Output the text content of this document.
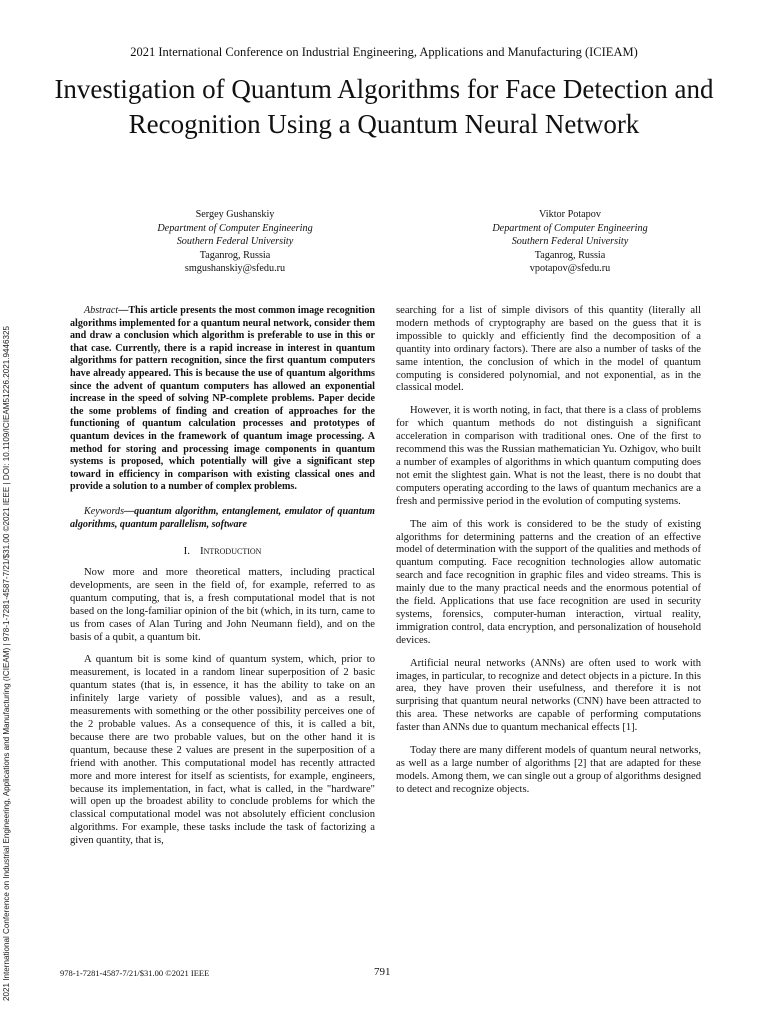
2021 International Conference on Industrial Engineering, Applications and Manufacturing (ICIEAM)
Investigation of Quantum Algorithms for Face Detection and Recognition Using a Quantum Neural Network
Sergey Gushanskiy
Department of Computer Engineering
Southern Federal University
Taganrog, Russia
smgushanskiy@sfedu.ru
Viktor Potapov
Department of Computer Engineering
Southern Federal University
Taganrog, Russia
vpotapov@sfedu.ru
Abstract—This article presents the most common image recognition algorithms implemented for a quantum neural network, consider them and draw a conclusion which algorithm is preferable to use in this or that case. Currently, there is a rapid increase in interest in quantum algorithms for pattern recognition, since the first quantum computers have already appeared. This is because the use of quantum algorithms since the advent of quantum computers has allowed an exponential increase in the speed of solving NP-complete problems. Paper decide the some problems of finding and creation of approaches for the functioning of quantum calculation processes and prototypes of quantum devices in the framework of quantum image processing. A method for storing and processing image components in quantum systems is proposed, which potentially will give a significant step toward in efficiency in comparison with existing classical ones and provide a solution to a number of complex problems.
Keywords—quantum algorithm, entanglement, emulator of quantum algorithms, quantum parallelism, software
I. Introduction

Now more and more theoretical matters, including practical developments, are seen in the field of, for example, referred to as quantum computing, that is, a fresh computational model that is not based on the long-familiar opinion of the bit (which, in its turn, came to us from cases of Alan Turing and John Neumann field), and on the basis of a qubit, a quantum bit.

A quantum bit is some kind of quantum system, which, prior to measurement, is located in a random linear superposition of 2 basic quantum states (that is, in essence, it has the ability to take on an infinitely large variety of possible values), and as a result, measurements with something or the other possibility perceives one of the 2 probable values. As a consequence of this, it is called a bit, because there are two probable values, but on the other hand it is quantum, because these 2 values are present in the superposition of a friend with another. This computational model has recently attracted more and more interest for itself as scientists, for example, engineers, because its implementation, in fact, what is called, in the "hardware" will open up the broadest ability to conclude problems for which the classical computational model was not absolutely efficient conclusion algorithms. For example, these tasks include the task of factorizing a given quantity, that is,

searching for a list of simple divisors of this quantity (literally all modern methods of cryptography are based on the guess that it is impossible to quickly and efficiently find the decomposition of a quantity into ordinary factors). There are also a number of tasks of the same intention, the conclusion of which in the model of quantum computing is considered polynomial, and not exponential, as in the classical model.

However, it is worth noting, in fact, that there is a class of problems for which quantum methods do not distinguish a significant acceleration in comparison with traditional ones. One of the first to recommend this was the Russian mathematician Yu. Ozhigov, who built a number of examples of algorithms in which quantum computing does not emit the slightest gain. What is not the least, there is no doubt that computers operating according to the laws of quantum mechanics are a fresh and permissive period in the evolution of computing systems.

The aim of this work is considered to be the study of existing algorithms for determining patterns and the creation of an effective model of determination with the support of the qualities and methods of quantum computing. Face recognition technologies allow automatic search and face recognition in graphic files and video streams. This is mainly due to the many practical needs and the enormous potential of the field. Applications that use face recognition are used in security systems, forensics, computer-human interaction, virtual reality, immigration control, data encryption, and personalization of household devices.

Artificial neural networks (ANNs) are often used to work with images, in particular, to recognize and detect objects in a picture. In this area, they have proven their usefulness, and therefore it is not surprising that quantum neural networks (CNN) have been attracted to this area. These networks are capable of performing computations faster than ANNs due to quantum mechanical effects [1].

Today there are many different models of quantum neural networks, as well as a large number of algorithms [2] that are adapted for these models. Among them, we can single out a group of algorithms designed to detect and recognize objects.

2021 International Conference on Industrial Engineering, Applications and Manufacturing (ICIEAM) | 978-1-7281-4587-7/21/$31.00 ©2021 IEEE | DOI: 10.1109/ICIEAM51226.2021.9446325	978-1-7281-4587-7/21/$31.00 ©2021 IEEE	791
